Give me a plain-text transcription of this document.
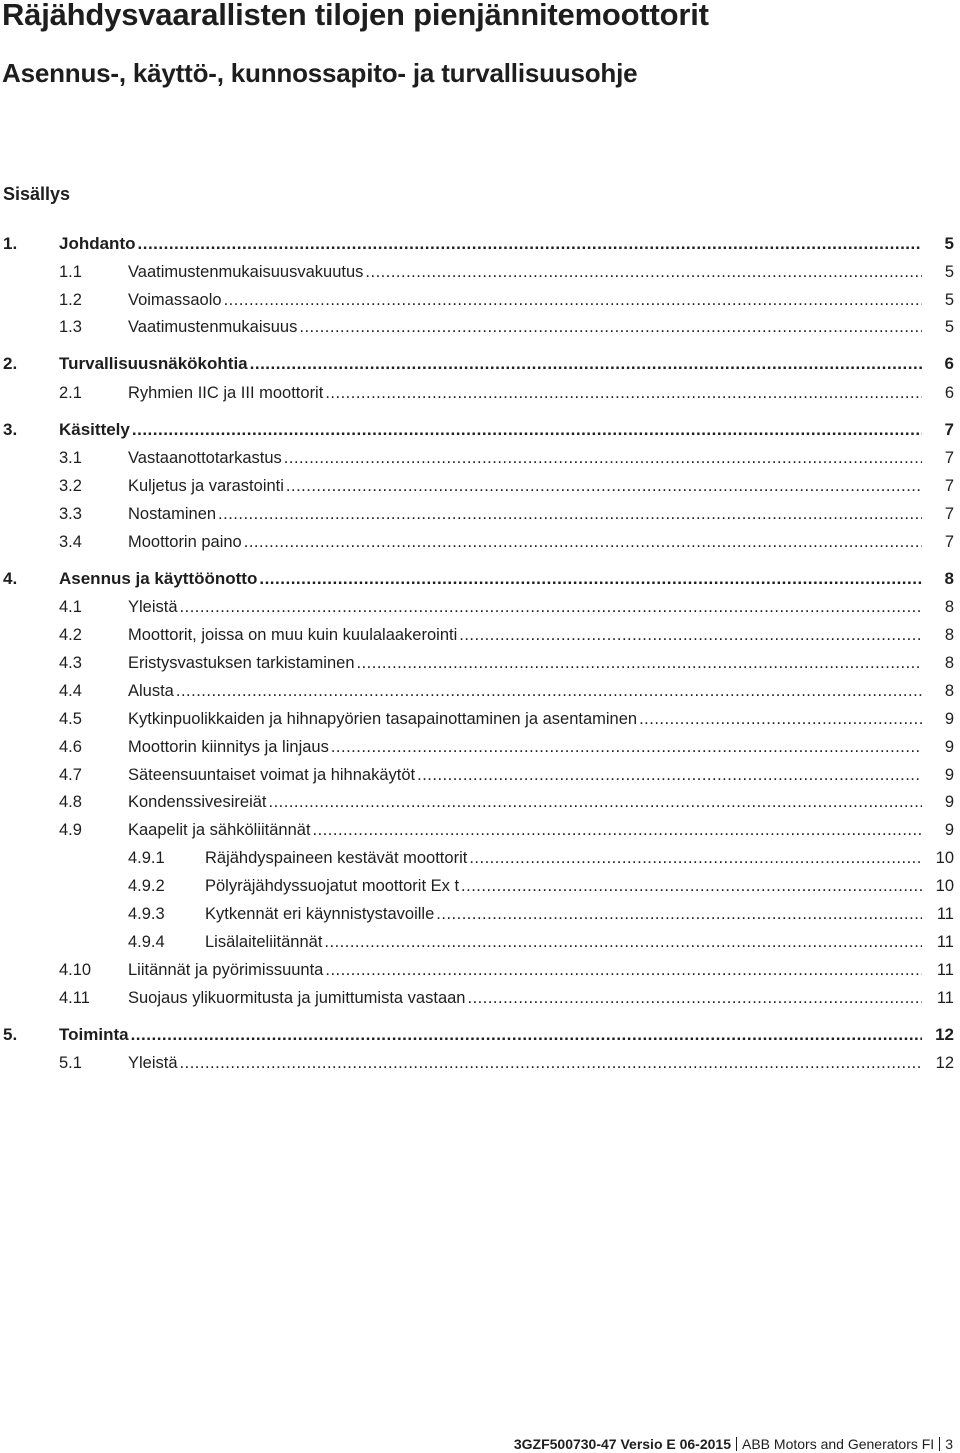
Räjähdysvaarallisten tilojen pienjännitemoottorit
Asennus-, käyttö-, kunnossapito- ja turvallisuusohje
Sisällys
1. Johdanto .....	5
1.1	Vaatimustenmukaisuusvakuutus .....	5
1.2	Voimassaolo .....	5
1.3	Vaatimustenmukaisuus .....	5
2. Turvallisuusnäkökohtia .....	6
2.1	Ryhmien IIC ja III moottorit .....	6
3. Käsittely .....	7
3.1	Vastaanottotarkastus .....	7
3.2	Kuljetus ja varastointi .....	7
3.3	Nostaminen .....	7
3.4	Moottorin paino .....	7
4. Asennus ja käyttöönotto .....	8
4.1	Yleistä .....	8
4.2	Moottorit, joissa on muu kuin kuulalaakerointi .....	8
4.3	Eristysvastuksen tarkistaminen .....	8
4.4	Alusta .....	8
4.5	Kytkinpuolikkaiden ja hihnapyörien tasapainottaminen ja asentaminen .....	9
4.6	Moottorin kiinnitys ja linjaus .....	9
4.7	Säteensuuntaiset voimat ja hihnakäytöt .....	9
4.8	Kondenssivesireiät .....	9
4.9	Kaapelit ja sähköliitännät .....	9
4.9.1 Räjähdyspaineen kestävät moottorit .....	10
4.9.2 Pölyräjähdyssuojatut moottorit Ex t .....	10
4.9.3 Kytkennät eri käynnistystavoille .....	11
4.9.4 Lisälaiteliitännät .....	11
4.10 Liitännät ja pyörimissuunta .....	11
4.11 Suojaus ylikuormitusta ja jumittumista vastaan .....	11
5. Toiminta .....	12
5.1	Yleistä .....	12
3GZF500730-47 Versio E 06-2015 ABB Motors and Generators FI 3
